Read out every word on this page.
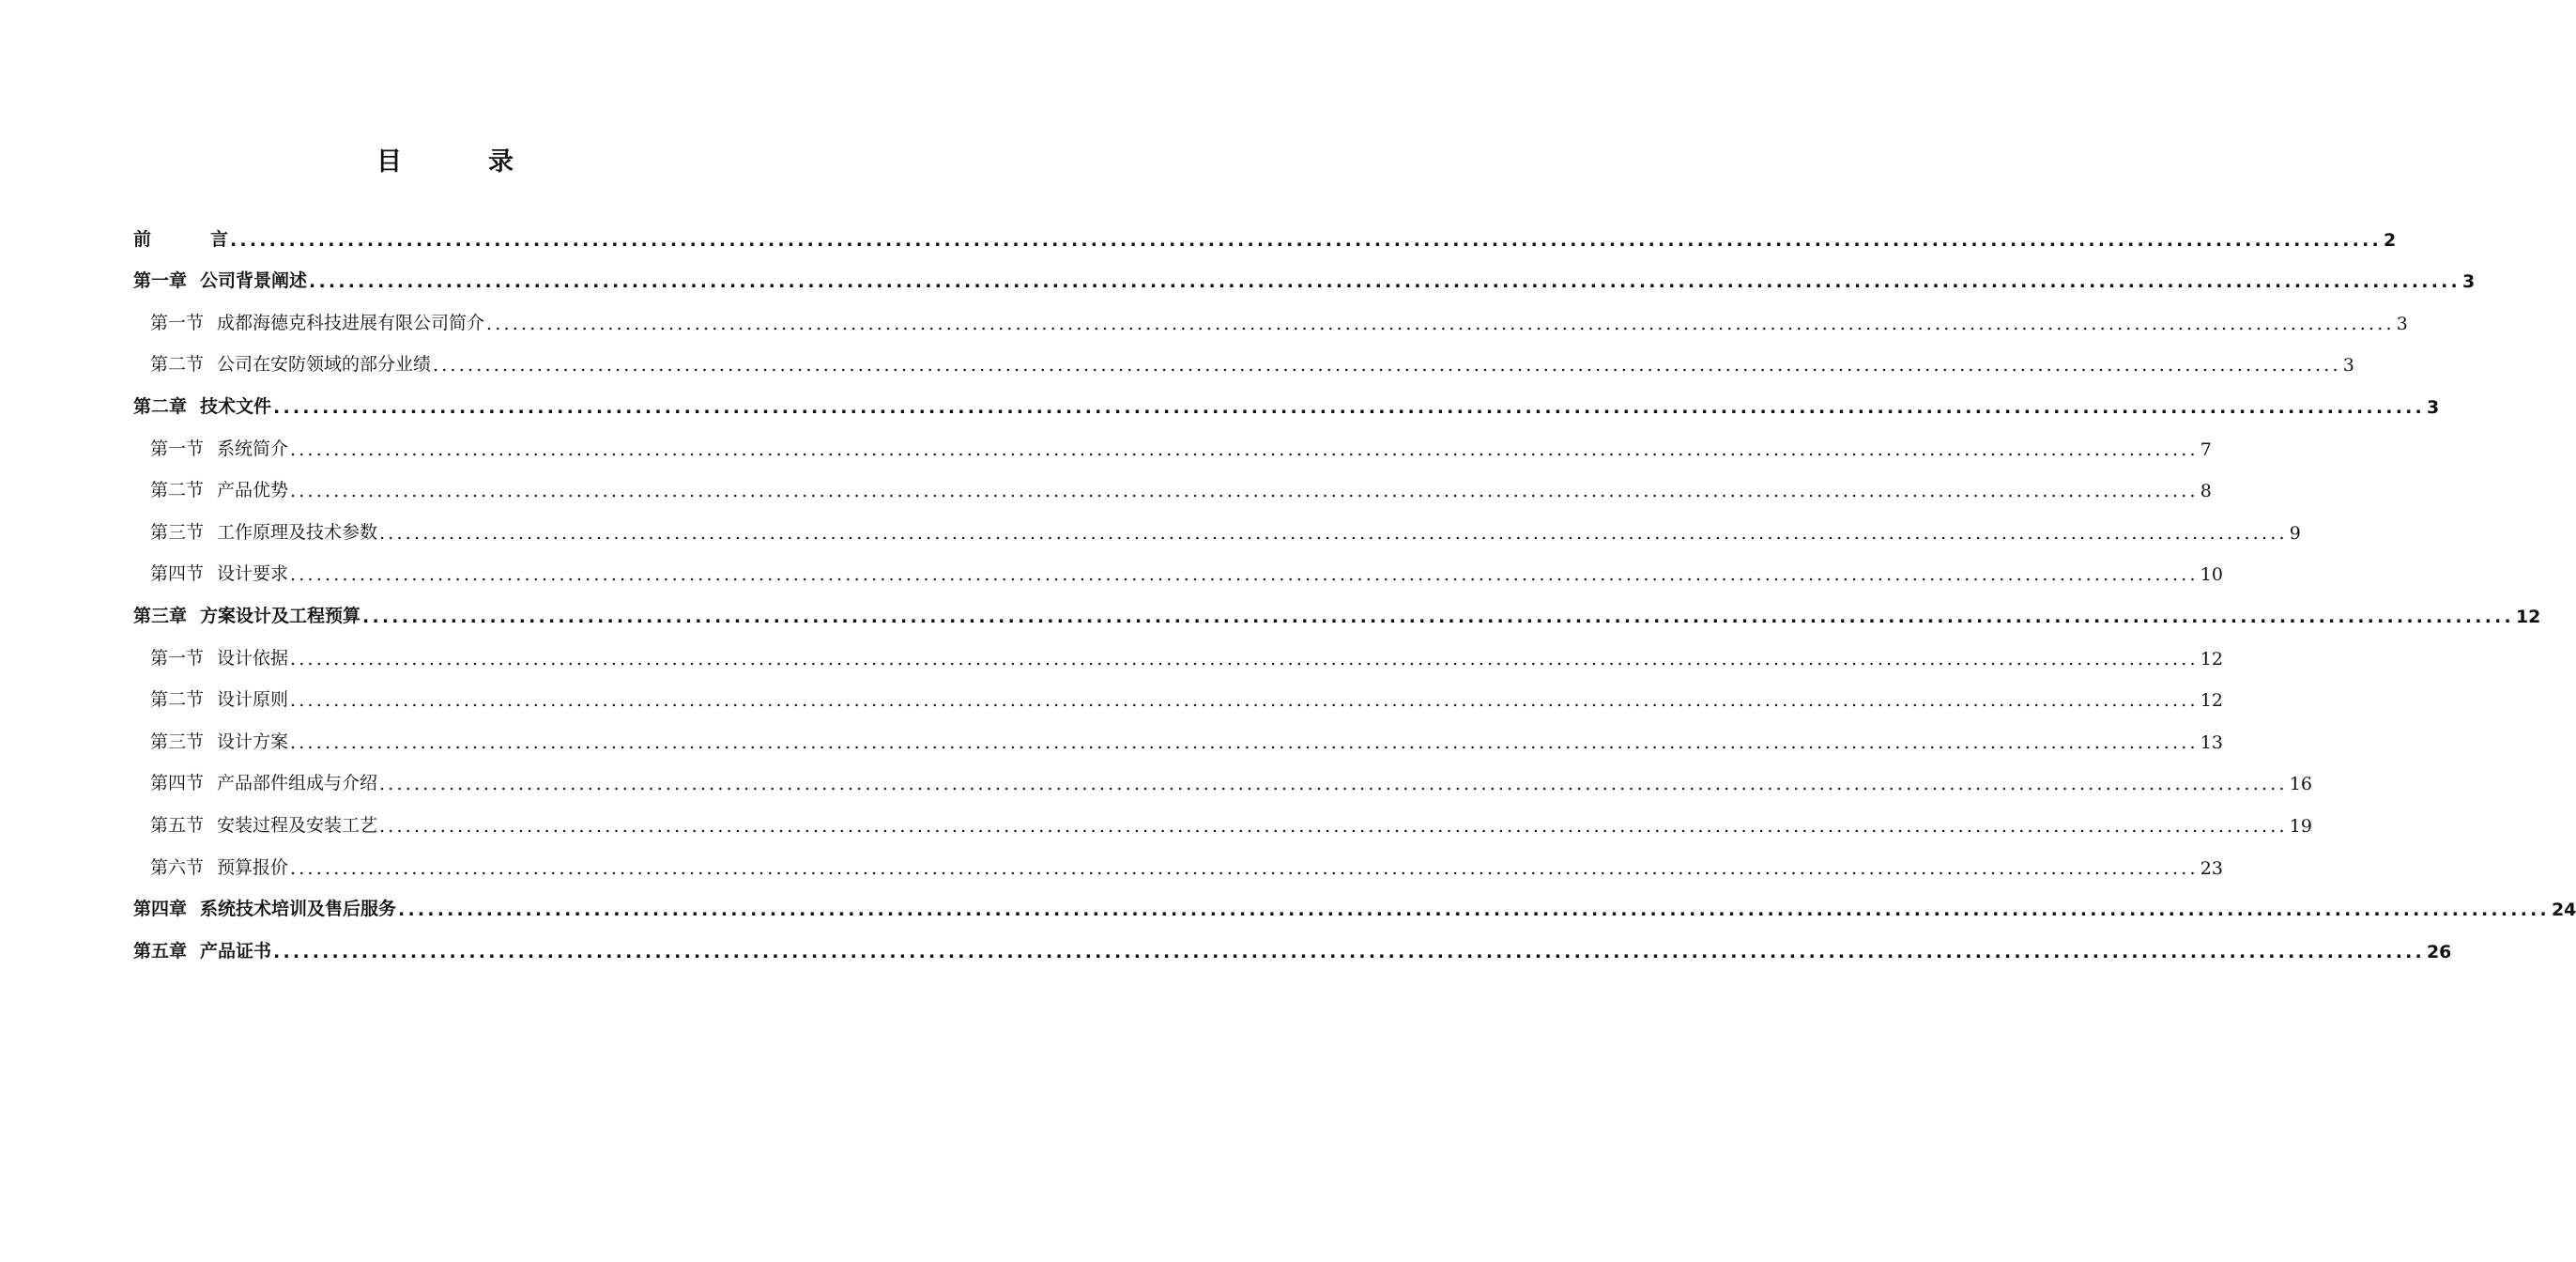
目	录
前	言 ............................................................................................................................................................................................................................ 2
第一章 公司背景阐述 ............................................................................................................................................................................................................................ 3
第一节 成都海德克科技进展有限公司简介 ............................................................................................................................................................................................................................ 3
第二节 公司在安防领域的部分业绩 ............................................................................................................................................................................................................................ 3
第二章 技术文件 ............................................................................................................................................................................................................................ 3
第一节 系统简介 ............................................................................................................................................................................................................................ 7
第二节 产品优势 ............................................................................................................................................................................................................................ 8
第三节 工作原理及技术参数 ............................................................................................................................................................................................................................ 9
第四节 设计要求 ............................................................................................................................................................................................................................ 10
第三章 方案设计及工程预算 ............................................................................................................................................................................................................................ 12
第一节 设计依据 ............................................................................................................................................................................................................................ 12
第二节 设计原则 ............................................................................................................................................................................................................................ 12
第三节 设计方案 ............................................................................................................................................................................................................................ 13
第四节 产品部件组成与介绍 ............................................................................................................................................................................................................................ 16
第五节 安装过程及安装工艺 ............................................................................................................................................................................................................................ 19
第六节 预算报价 ............................................................................................................................................................................................................................ 23
第四章 系统技术培训及售后服务 ............................................................................................................................................................................................................................ 24
第五章 产品证书 ............................................................................................................................................................................................................................ 26
